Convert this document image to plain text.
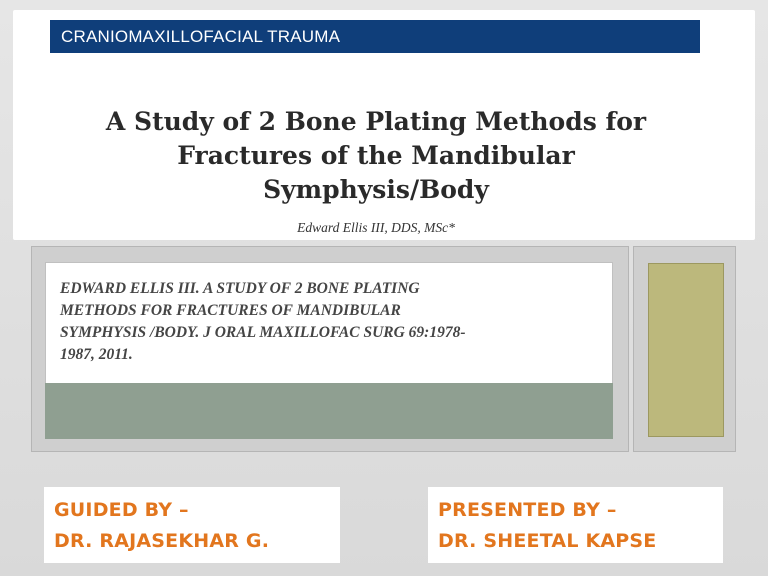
CRANIOMAXILLOFACIAL TRAUMA
A Study of 2 Bone Plating Methods for
Fractures of the Mandibular
Symphysis/Body
Edward Ellis III, DDS, MSc*
EDWARD ELLIS III. A STUDY OF 2 BONE PLATING
METHODS FOR FRACTURES OF MANDIBULAR
SYMPHYSIS /BODY. J ORAL MAXILLOFAC SURG 69:1978-
1987, 2011.
GUIDED BY –
DR. RAJASEKHAR G.
PRESENTED BY –
DR. SHEETAL KAPSE
